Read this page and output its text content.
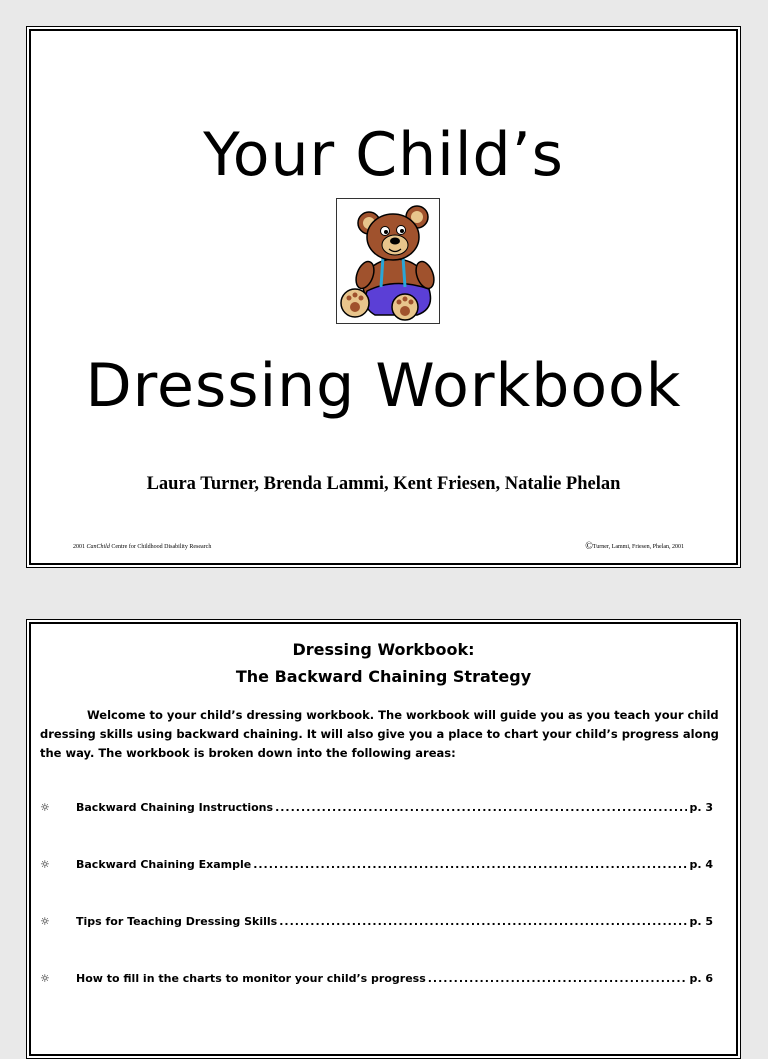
Your Child’s
Dressing Workbook
Laura Turner, Brenda Lammi, Kent Friesen, Natalie Phelan
2001 CanChild Centre for Childhood Disability Research	©Turner, Lammi, Friesen, Phelan, 2001
Dressing Workbook:
The Backward Chaining Strategy

Welcome to your child’s dressing workbook. The workbook will guide you as you teach your child dressing skills using backward chaining. It will also give you a place to chart your child’s progress along the way. The workbook is broken down into the following areas:

☼ Backward Chaining Instructions .....	p. 3
☼ Backward Chaining Example .....	p. 4
☼ Tips for Teaching Dressing Skills .....	p. 5
☼ How to fill in the charts to monitor your child’s progress .....	p. 6
